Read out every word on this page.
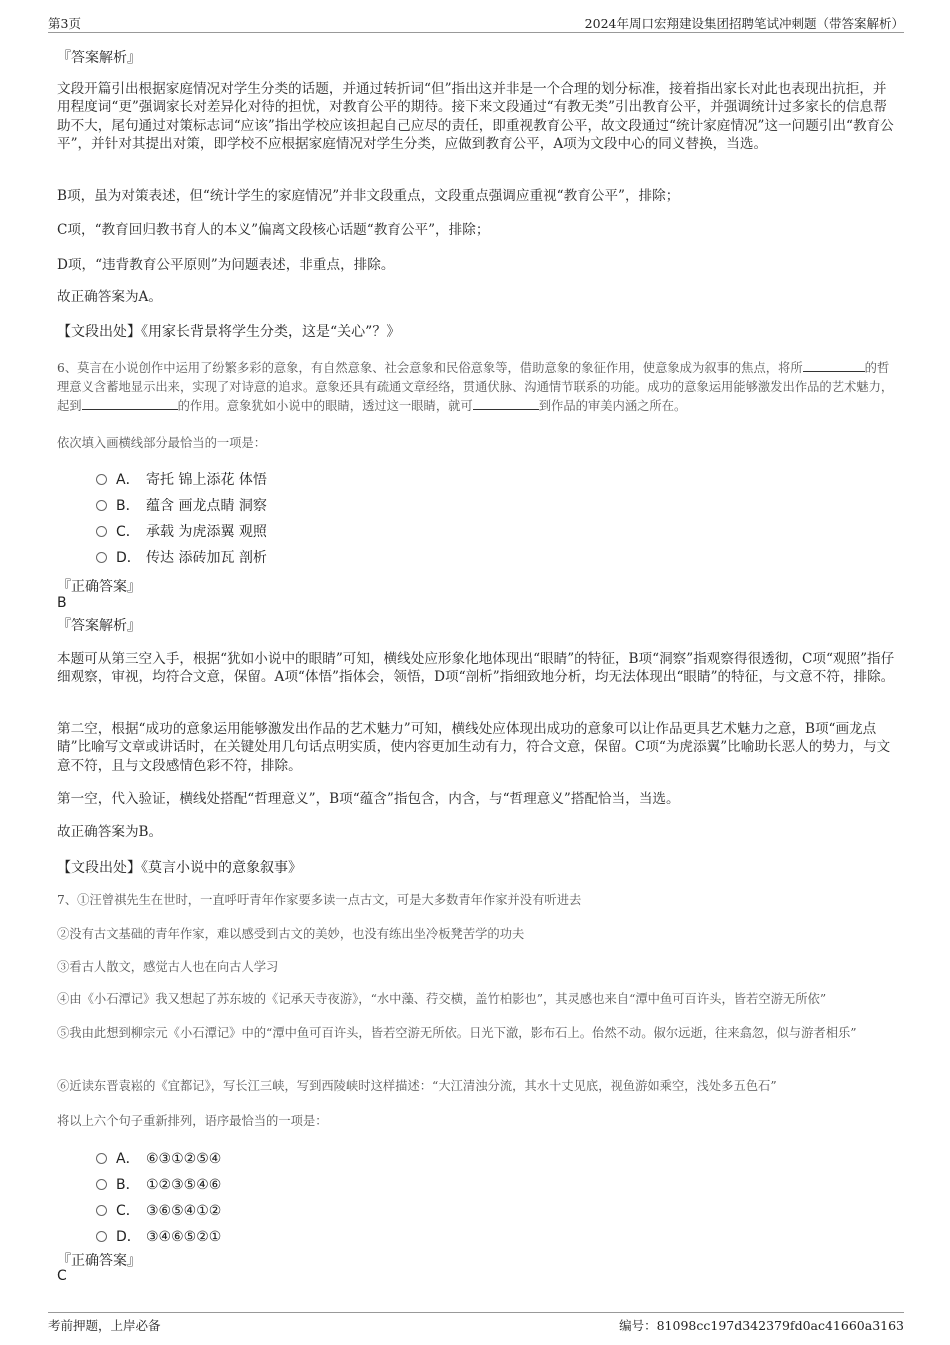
第3页	2024年周口宏翔建设集团招聘笔试冲刺题（带答案解析）
『答案解析』

文段开篇引出根据家庭情况对学生分类的话题，并通过转折词“但”指出这并非是一个合理的划分标准，接着指出家长对此也表现出抗拒，并用程度词“更”强调家长对差异化对待的担忧，对教育公平的期待。接下来文段通过“有教无类”引出教育公平，并强调统计过多家长的信息帮助不大，尾句通过对策标志词“应该”指出学校应该担起自己应尽的责任，即重视教育公平，故文段通过“统计家庭情况”这一问题引出“教育公平”，并针对其提出对策，即学校不应根据家庭情况对学生分类，应做到教育公平，A项为文段中心的同义替换，当选。

B项，虽为对策表述，但“统计学生的家庭情况”并非文段重点，文段重点强调应重视“教育公平”，排除；

C项，“教育回归教书育人的本义”偏离文段核心话题“教育公平”，排除；

D项，“违背教育公平原则”为问题表述，非重点，排除。

故正确答案为A。

【文段出处】《用家长背景将学生分类，这是“关心”？》

6、莫言在小说创作中运用了纷繁多彩的意象，有自然意象、社会意象和民俗意象等，借助意象的象征作用，使意象成为叙事的焦点，将所	的哲理意义含蓄地显示出来，实现了对诗意的追求。意象还具有疏通文章经络，贯通伏脉、沟通情节联系的功能。成功的意象运用能够激发出作品的艺术魅力，起到	的作用。意象犹如小说中的眼睛，透过这一眼睛，就可	到作品的审美内涵之所在。

依次填入画横线部分最恰当的一项是：
A． 寄托 锦上添花 体悟
B． 蕴含 画龙点睛 洞察
C． 承载 为虎添翼 观照
D． 传达 添砖加瓦 剖析
『正确答案』
B
『答案解析』

本题可从第三空入手，根据“犹如小说中的眼睛”可知，横线处应形象化地体现出“眼睛”的特征，B项“洞察”指观察得很透彻，C项“观照”指仔细观察，审视，均符合文意，保留。A项“体悟”指体会，领悟，D项“剖析”指细致地分析，均无法体现出“眼睛”的特征，与文意不符，排除。

第二空，根据“成功的意象运用能够激发出作品的艺术魅力”可知，横线处应体现出成功的意象可以让作品更具艺术魅力之意，B项“画龙点睛”比喻写文章或讲话时，在关键处用几句话点明实质，使内容更加生动有力，符合文意，保留。C项“为虎添翼”比喻助长恶人的势力，与文意不符，且与文段感情色彩不符，排除。

第一空，代入验证，横线处搭配“哲理意义”，B项“蕴含”指包含，内含，与“哲理意义”搭配恰当，当选。

故正确答案为B。

【文段出处】《莫言小说中的意象叙事》
7、①汪曾祺先生在世时，一直呼吁青年作家要多读一点古文，可是大多数青年作家并没有听进去
②没有古文基础的青年作家，难以感受到古文的美妙，也没有练出坐冷板凳苦学的功夫
③看古人散文，感觉古人也在向古人学习
④由《小石潭记》我又想起了苏东坡的《记承天寺夜游》，“水中藻、荇交横，盖竹柏影也”，其灵感也来自“潭中鱼可百许头，皆若空游无所依”

⑤我由此想到柳宗元《小石潭记》中的“潭中鱼可百许头，皆若空游无所依。日光下澈，影布石上。佁然不动。俶尔远逝，往来翕忽，似与游者相乐”

⑥近读东晋袁崧的《宜都记》，写长江三峡，写到西陵峡时这样描述：“大江清浊分流，其水十丈见底，视鱼游如乘空，浅处多五色石”
将以上六个句子重新排列，语序最恰当的一项是：
A． ⑥③①②⑤④
B． ①②③⑤④⑥
C． ③⑥⑤④①②
D． ③④⑥⑤②①
『正确答案』
C
考前押题，上岸必备	编号：81098cc197d342379fd0ac41660a3163
